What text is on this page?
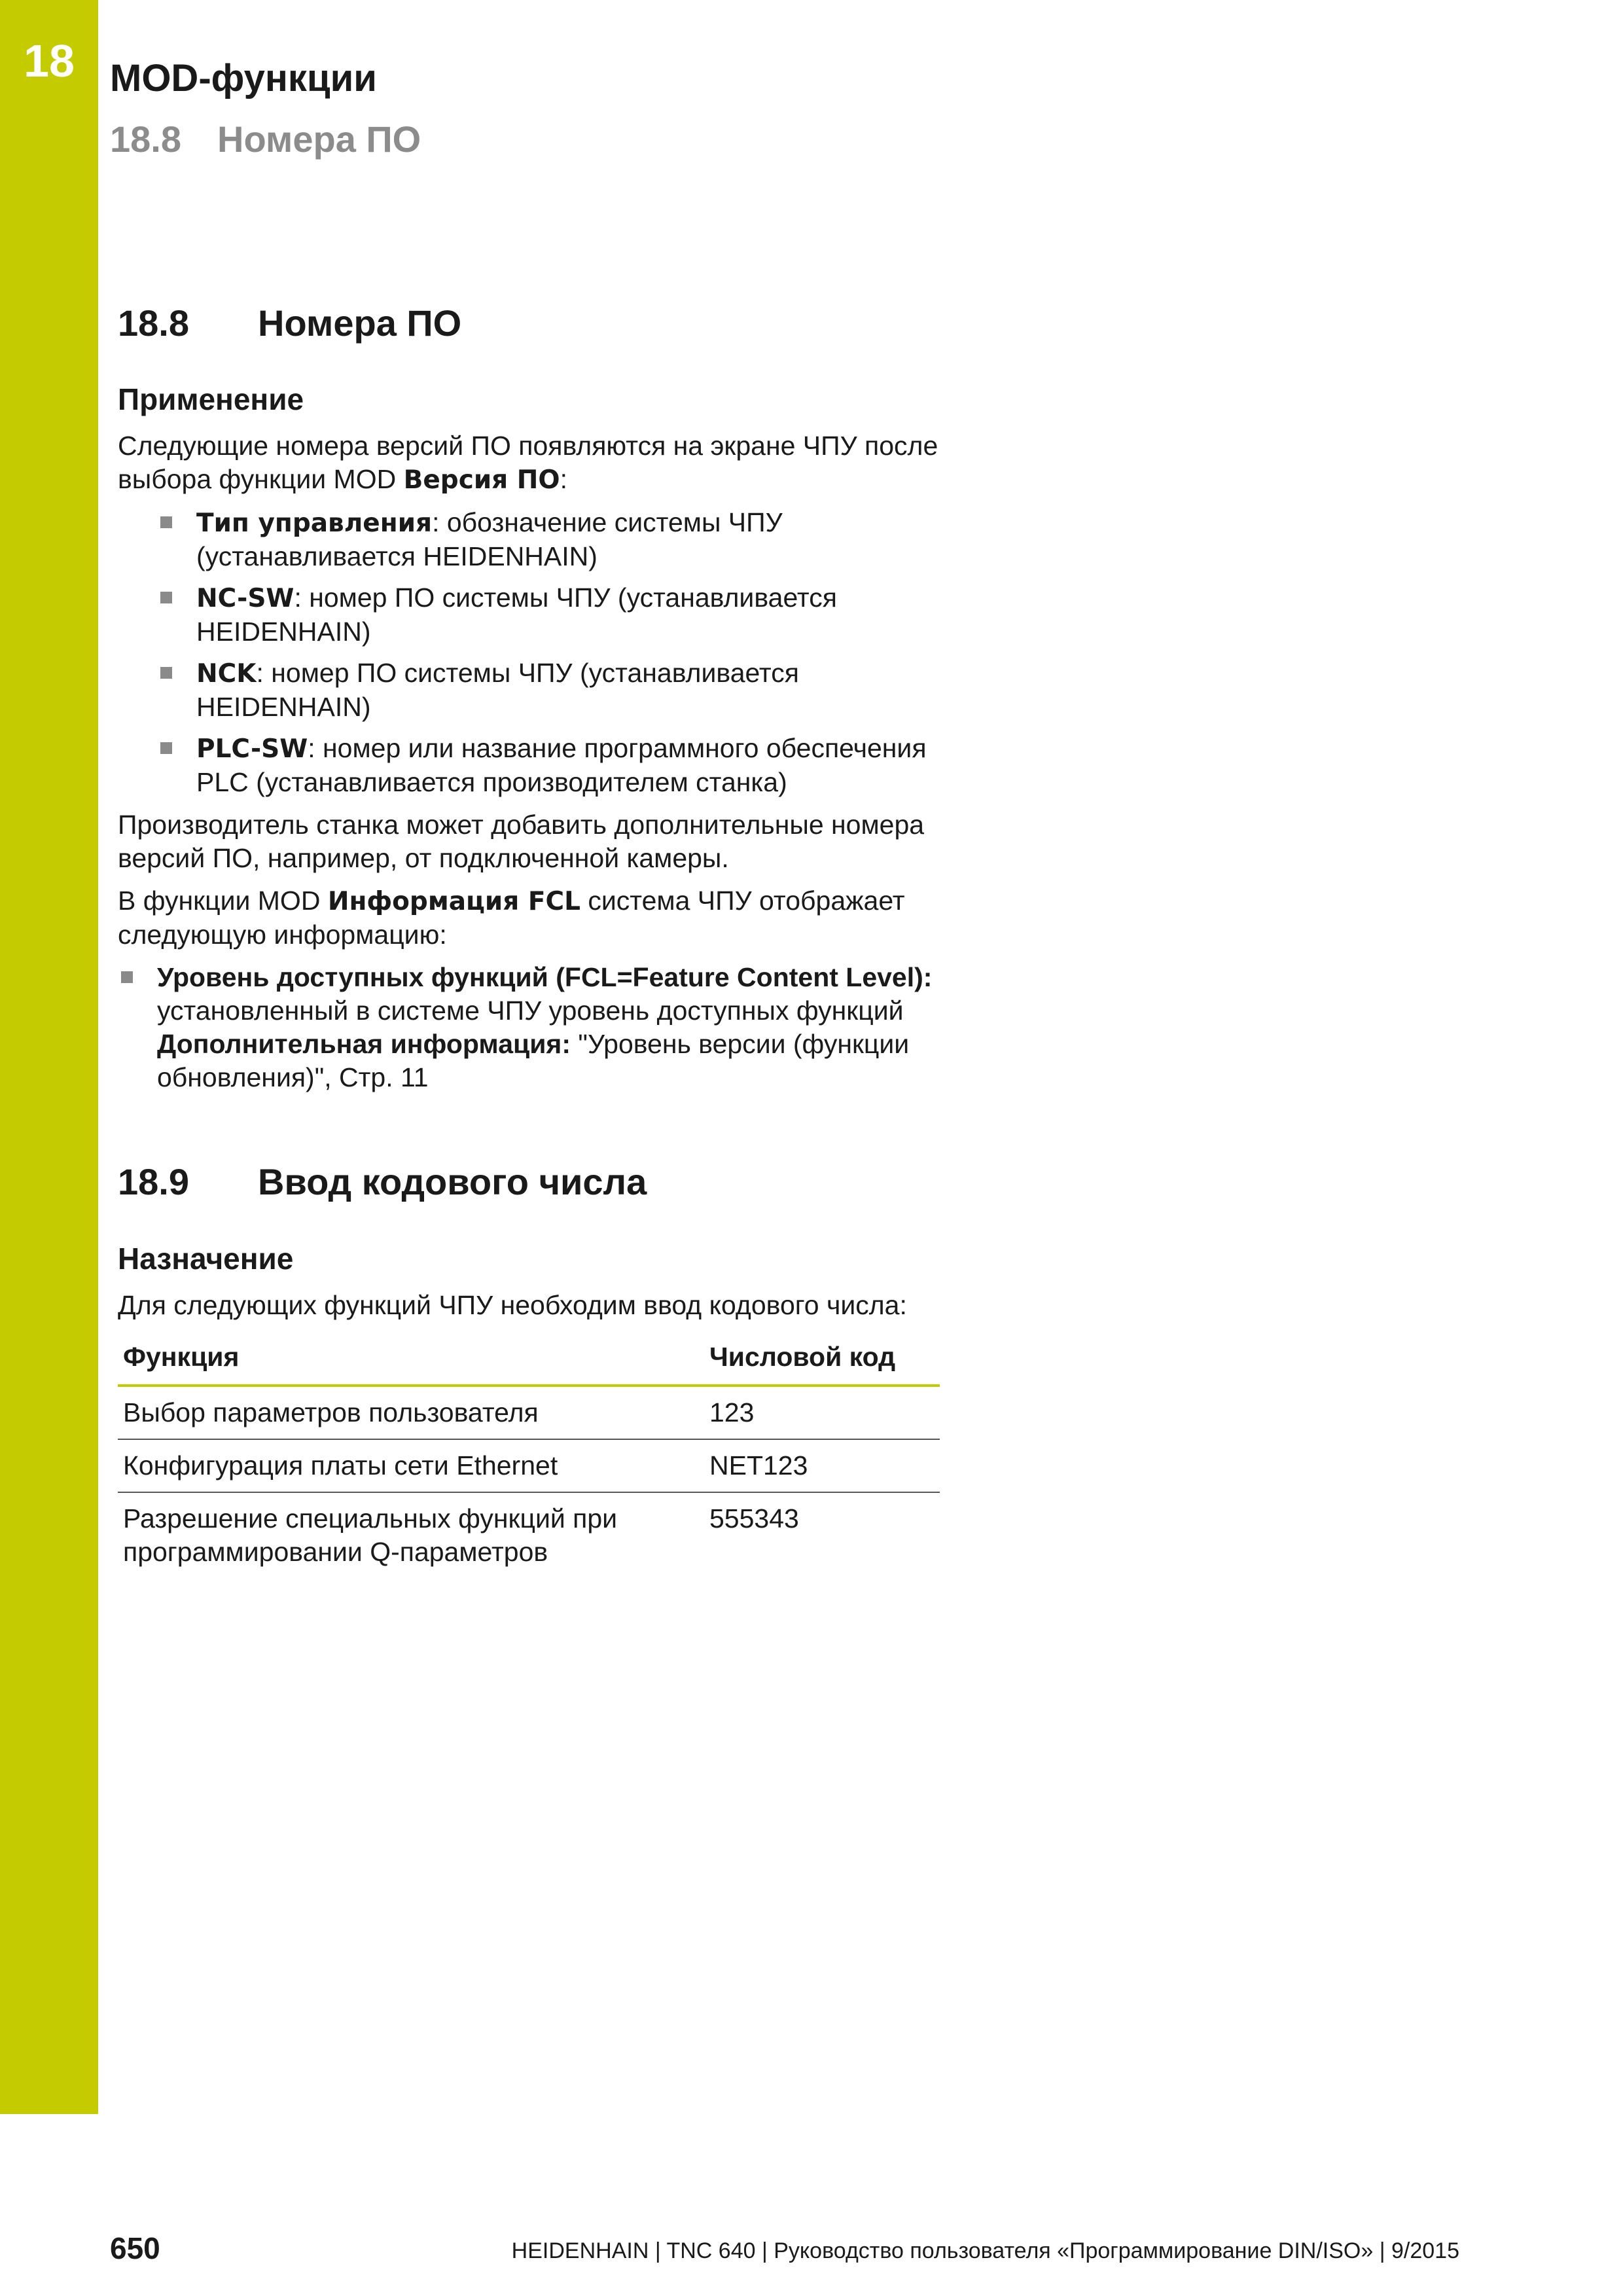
18 MOD-функции
18.8 Номера ПО
18.8 Номера ПО
Применение

Следующие номера версий ПО появляются на экране ЧПУ после выбора функции MOD Версия ПО:

Тип управления: обозначение системы ЧПУ (устанавливается HEIDENHAIN)
NC-SW: номер ПО системы ЧПУ (устанавливается HEIDENHAIN)
NCK: номер ПО системы ЧПУ (устанавливается HEIDENHAIN)
PLC-SW: номер или название программного обеспечения PLC (устанавливается производителем станка)

Производитель станка может добавить дополнительные номера версий ПО, например, от подключенной камеры.

В функции MOD Информация FCL система ЧПУ отображает следующую информацию:

Уровень доступных функций (FCL=Feature Content Level): установленный в системе ЧПУ уровень доступных функций
Дополнительная информация: "Уровень версии (функции обновления)", Стр. 11
18.9 Ввод кодового числа
Назначение

Для следующих функций ЧПУ необходим ввод кодового числа:

Функция	Числовой код
Выбор параметров пользователя	123
Конфигурация платы сети Ethernet	NET123
Разрешение специальных функций при программировании Q-параметров	555343
650	HEIDENHAIN | TNC 640 | Руководство пользователя «Программирование DIN/ISO» | 9/2015
